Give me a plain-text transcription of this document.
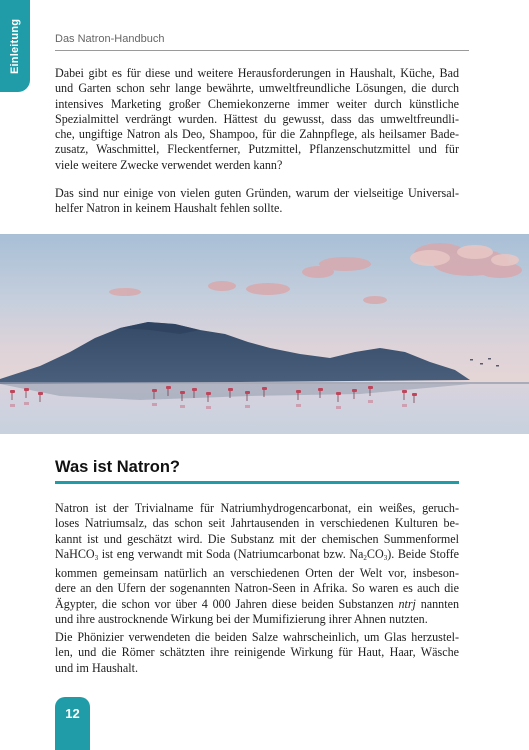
Einleitung	Das Natron-Handbuch
Dabei gibt es für diese und weitere Herausforderungen in Haushalt, Küche, Bad
und Garten schon sehr lange bewährte, umweltfreundliche Lösungen, die durch
intensives Marketing großer Chemiekonzerne immer weiter durch künstliche
Spezialmittel verdrängt wurden. Hättest du gewusst, dass das umweltfreundli-
che, ungiftige Natron als Deo, Shampoo, für die Zahnpflege, als heilsamer Bade-
zusatz, Waschmittel, Fleckentferner, Putzmittel, Pflanzenschutzmittel und für
viele weitere Zwecke verwendet werden kann?
Das sind nur einige von vielen guten Gründen, warum der vielseitige Universal-
helfer Natron in keinem Haushalt fehlen sollte.
Was ist Natron?
Natron ist der Trivialname für Natriumhydrogencarbonat, ein weißes, geruch-
loses Natriumsalz, das schon seit Jahrtausenden in verschiedenen Kulturen be-
kannt ist und geschätzt wird. Die Substanz mit der chemischen Summenformel
NaHCO$_3$ ist eng verwandt mit Soda (Natriumcarbonat bzw. $Na_2CO_3$). Beide Stoffe
kommen gemeinsam natürlich an verschiedenen Orten der Welt vor, insbeson-
dere an den Ufern der sogenannten Natron-Seen in Afrika. So waren es auch die
Ägypter, die schon vor über 4 000 Jahren diese beiden Substanzen ntrj nannten
und ihre austrocknende Wirkung bei der Mumifizierung ihrer Ahnen nutzten.
Die Phönizier verwendeten die beiden Salze wahrscheinlich, um Glas herzustel-
len, und die Römer schätzten ihre reinigende Wirkung für Haut, Haar, Wäsche
und im Haushalt.
12
